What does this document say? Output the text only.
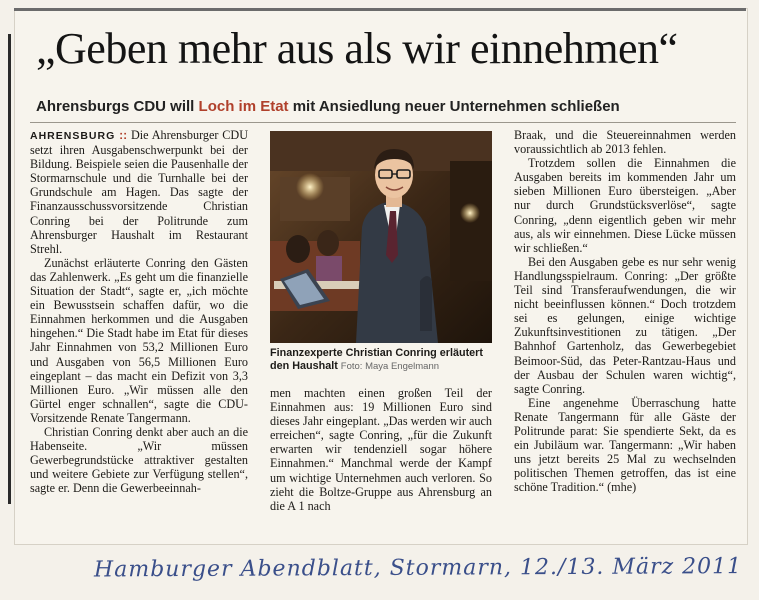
„Geben mehr aus als wir einnehmen“
Ahrensburgs CDU will Loch im Etat mit Ansiedlung neuer Unternehmen schließen

AHRENSBURG :: Die Ahrensburger CDU setzt ihren Ausgabenschwerpunkt bei der Bildung. Beispiele seien die Pausenhalle der Stormarnschule und die Turnhalle bei der Grundschule am Hagen. Das sagte der Finanzausschussvorsitzende Christian Conring bei der Politrunde zum Ahrensburger Haushalt im Restaurant Strehl.

Zunächst erläuterte Conring den Gästen das Zahlenwerk. „Es geht um die finanzielle Situation der Stadt“, sagte er, „ich möchte ein Bewusstsein schaffen dafür, wo die Einnahmen herkommen und die Ausgaben hingehen.“ Die Stadt habe im Etat für dieses Jahr Einnahmen von 53,2 Millionen Euro und Ausgaben von 56,5 Millionen Euro eingeplant – das macht ein Defizit von 3,3 Millionen Euro. „Wir müssen alle den Gürtel enger schnallen“, sagte die CDU-Vorsitzende Renate Tangermann.

Christian Conring denkt aber auch an die Habenseite. „Wir müssen Gewerbegrundstücke attraktiver gestalten und weitere Gebiete zur Verfügung stellen“, sagte er. Denn die Gewerbeeinnah-

Finanzexperte Christian Conring erläutert den Haushalt Foto: Maya Engelmann

men machten einen großen Teil der Einnahmen aus: 19 Millionen Euro sind dieses Jahr eingeplant. „Das werden wir auch erreichen“, sagte Conring, „für die Zukunft erwarten wir tendenziell sogar höhere Einnahmen.“ Manchmal werde der Kampf um wichtige Unternehmen auch verloren. So zieht die Boltze-Gruppe aus Ahrensburg an die A 1 nach

Braak, und die Steuereinnahmen werden voraussichtlich ab 2013 fehlen.

Trotzdem sollen die Einnahmen die Ausgaben bereits im kommenden Jahr um sieben Millionen Euro übersteigen. „Aber nur durch Grundstücksverlöse“, sagte Conring, „denn eigentlich geben wir mehr aus, als wir einnehmen. Diese Lücke müssen wir schließen.“

Bei den Ausgaben gebe es nur sehr wenig Handlungsspielraum. Conring: „Der größte Teil sind Transferaufwendungen, die wir nicht beeinflussen können.“ Doch trotzdem sei es gelungen, einige wichtige Zukunftsinvestitionen zu tätigen. „Der Bahnhof Gartenholz, das Gewerbegebiet Beimoor-Süd, das Peter-Rantzau-Haus und der Ausbau der Schulen waren wichtig“, sagte Conring.

Eine angenehme Überraschung hatte Renate Tangermann für alle Gäste der Politrunde parat: Sie spendierte Sekt, da es ein Jubiläum war. Tangermann: „Wir haben uns jetzt bereits 25 Mal zu wechselnden politischen Themen getroffen, das ist eine schöne Tradition.“ (mhe)

Hamburger Abendblatt, Stormarn, 12./13. März 2011
